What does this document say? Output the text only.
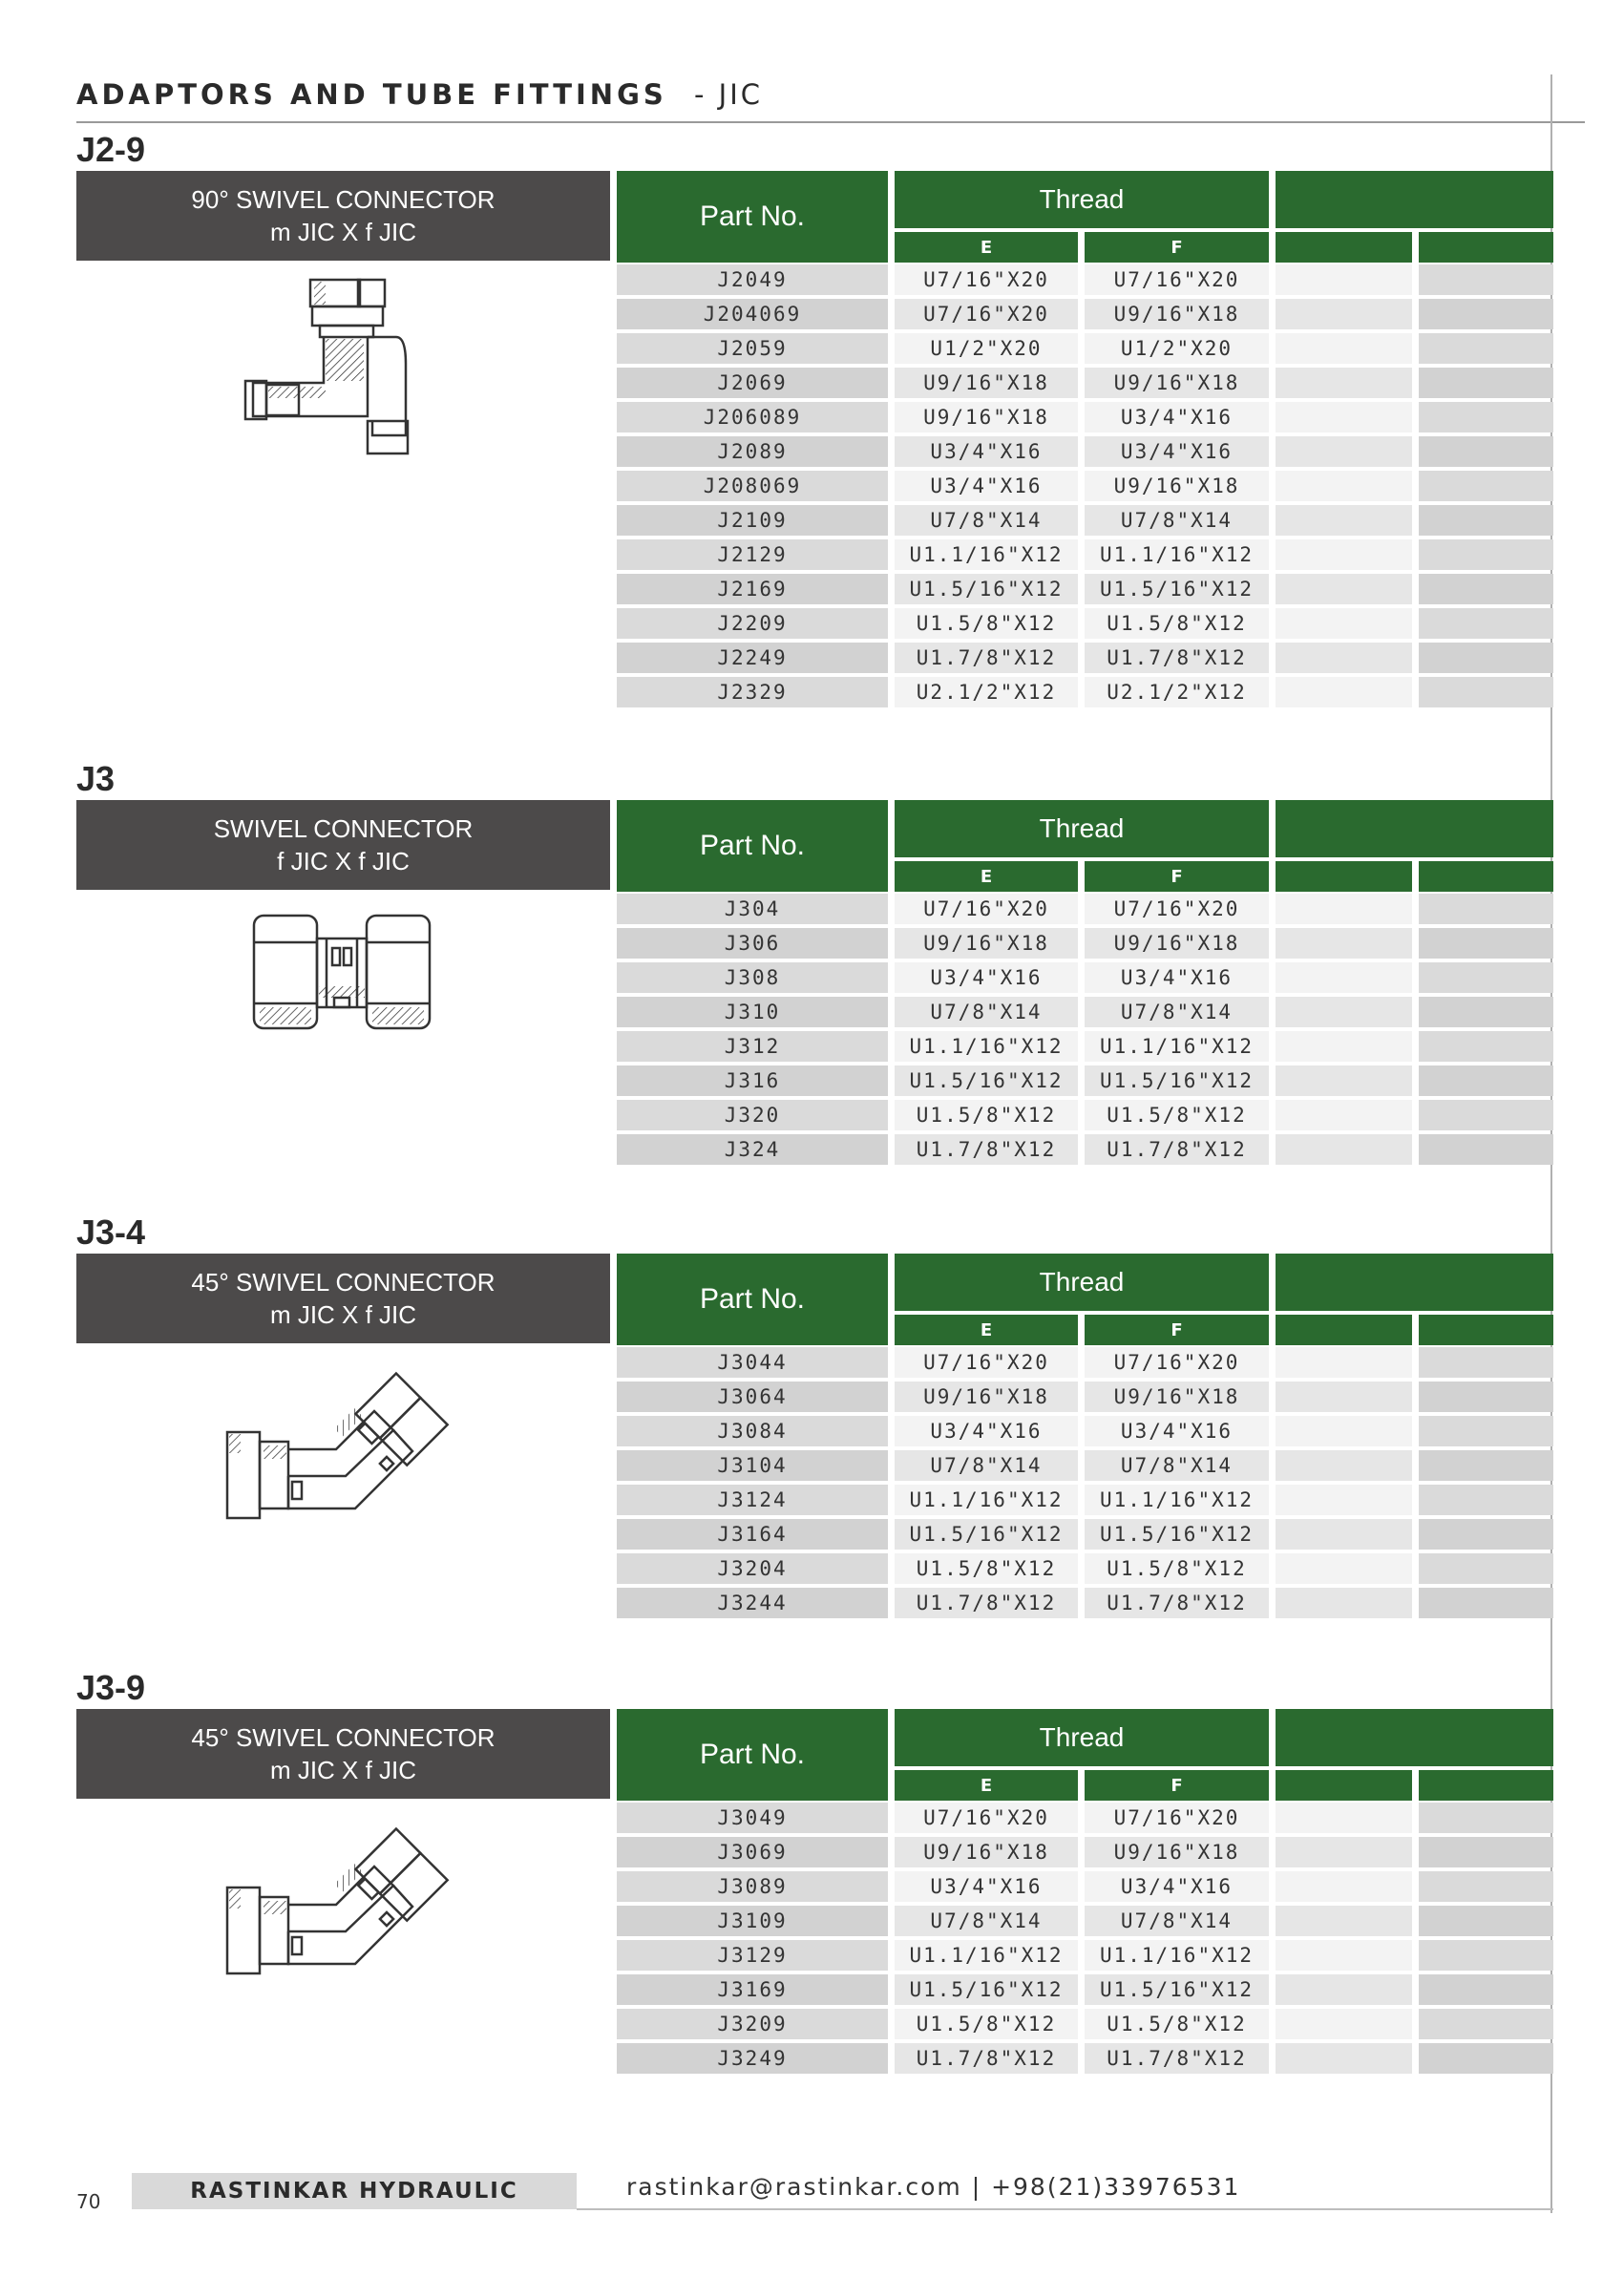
ADAPTORS AND TUBE FITTINGS - JIC
J2-9
90° SWIVEL CONNECTOR
m JIC X f JIC	Part No.
Thread
E	F
J2049	U7/16"X20	U7/16"X20
J204069	U7/16"X20	U9/16"X18
J2059	U1/2"X20	U1/2"X20
J2069	U9/16"X18	U9/16"X18
J206089	U9/16"X18	U3/4"X16
J2089	U3/4"X16	U3/4"X16
J208069	U3/4"X16	U9/16"X18
J2109	U7/8"X14	U7/8"X14
J2129	U1.1/16"X12	U1.1/16"X12
J2169	U1.5/16"X12	U1.5/16"X12
J2209	U1.5/8"X12	U1.5/8"X12
J2249	U1.7/8"X12	U1.7/8"X12
J2329	U2.1/2"X12	U2.1/2"X12
J3
SWIVEL CONNECTOR
f JIC X f JIC	Part No.
Thread
E	F
J304	U7/16"X20	U7/16"X20
J306	U9/16"X18	U9/16"X18
J308	U3/4"X16	U3/4"X16
J310	U7/8"X14	U7/8"X14
J312	U1.1/16"X12	U1.1/16"X12
J316	U1.5/16"X12	U1.5/16"X12
J320	U1.5/8"X12	U1.5/8"X12
J324	U1.7/8"X12	U1.7/8"X12
J3-4
45° SWIVEL CONNECTOR
m JIC X f JIC	Part No.
Thread
E	F
J3044	U7/16"X20	U7/16"X20
J3064	U9/16"X18	U9/16"X18
J3084	U3/4"X16	U3/4"X16
J3104	U7/8"X14	U7/8"X14
J3124	U1.1/16"X12	U1.1/16"X12
J3164	U1.5/16"X12	U1.5/16"X12
J3204	U1.5/8"X12	U1.5/8"X12
J3244	U1.7/8"X12	U1.7/8"X12
J3-9
45° SWIVEL CONNECTOR
m JIC X f JIC	Part No.
Thread
E	F
J3049	U7/16"X20	U7/16"X20
J3069	U9/16"X18	U9/16"X18
J3089	U3/4"X16	U3/4"X16
J3109	U7/8"X14	U7/8"X14
J3129	U1.1/16"X12	U1.1/16"X12
J3169	U1.5/16"X12	U1.5/16"X12
J3209	U1.5/8"X12	U1.5/8"X12
J3249	U1.7/8"X12	U1.7/8"X12
70	RASTINKAR HYDRAULIC	rastinkar@rastinkar.com | +98(21)33976531
